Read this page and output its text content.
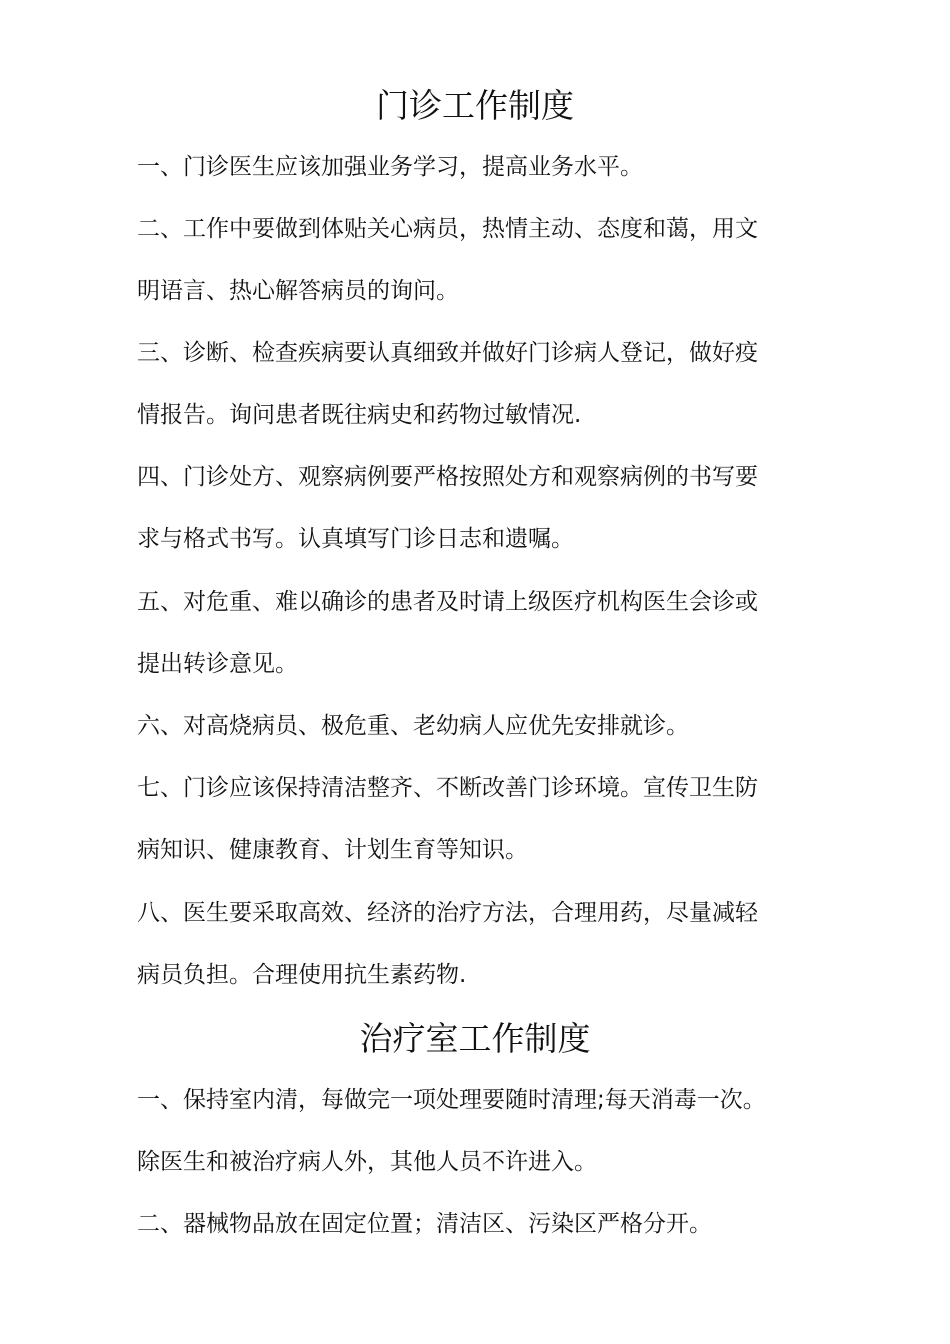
门诊工作制度

一、门诊医生应该加强业务学习，提高业务水平。

二、工作中要做到体贴关心病员，热情主动、态度和蔼，用文

明语言、热心解答病员的询问。

三、诊断、检查疾病要认真细致并做好门诊病人登记，做好疫

情报告。询问患者既往病史和药物过敏情况.

四、门诊处方、观察病例要严格按照处方和观察病例的书写要

求与格式书写。认真填写门诊日志和遗嘱。

五、对危重、难以确诊的患者及时请上级医疗机构医生会诊或

提出转诊意见。

六、对高烧病员、极危重、老幼病人应优先安排就诊。

七、门诊应该保持清洁整齐、不断改善门诊环境。宣传卫生防

病知识、健康教育、计划生育等知识。

八、医生要采取高效、经济的治疗方法，合理用药，尽量减轻

病员负担。合理使用抗生素药物.

治疗室工作制度

一、保持室内清，每做完一项处理要随时清理;每天消毒一次。

除医生和被治疗病人外，其他人员不许进入。

二、器械物品放在固定位置；清洁区、污染区严格分开。
